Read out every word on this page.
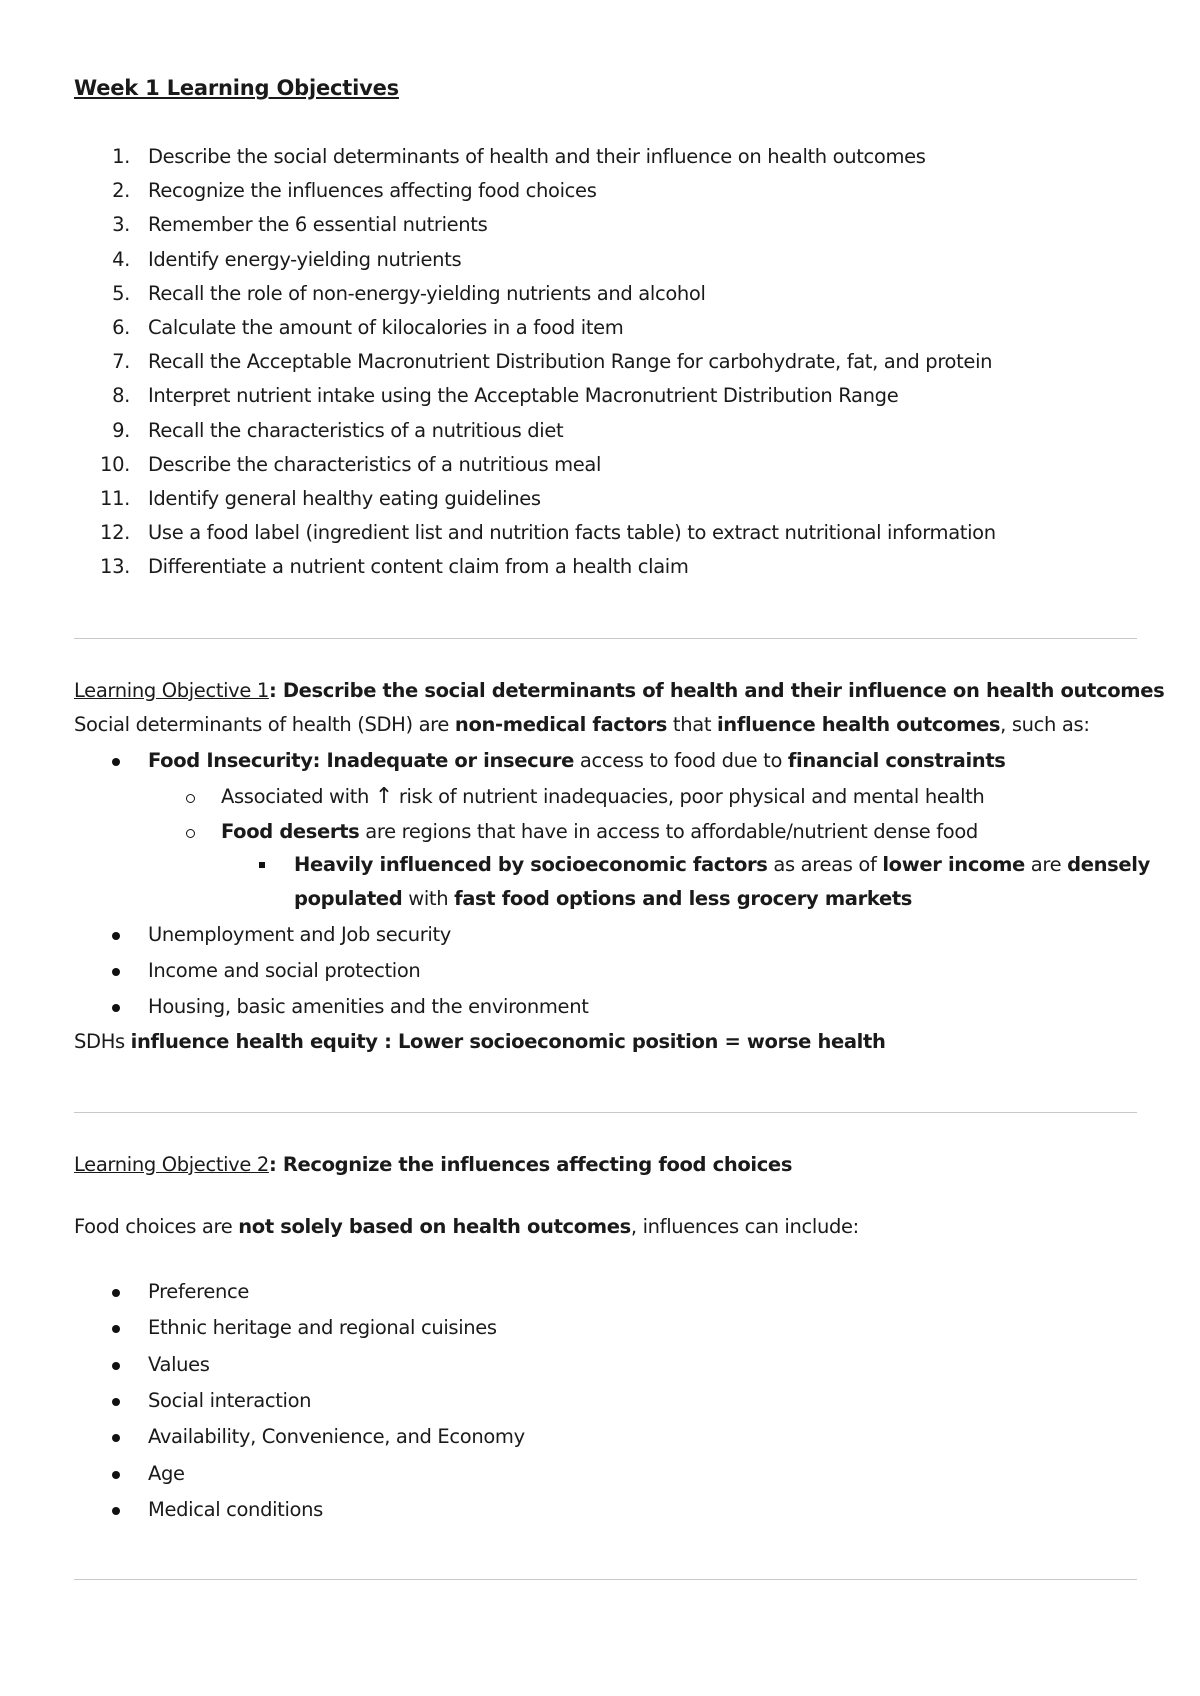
Week 1 Learning Objectives
1. Describe the social determinants of health and their influence on health outcomes
2. Recognize the influences affecting food choices
3. Remember the 6 essential nutrients
4. Identify energy-yielding nutrients
5. Recall the role of non-energy-yielding nutrients and alcohol
6. Calculate the amount of kilocalories in a food item
7. Recall the Acceptable Macronutrient Distribution Range for carbohydrate, fat, and protein
8. Interpret nutrient intake using the Acceptable Macronutrient Distribution Range
9. Recall the characteristics of a nutritious diet
10. Describe the characteristics of a nutritious meal
11. Identify general healthy eating guidelines
12. Use a food label (ingredient list and nutrition facts table) to extract nutritional information
13. Differentiate a nutrient content claim from a health claim
Learning Objective 1: Describe the social determinants of health and their influence on health outcomes
Social determinants of health (SDH) are non-medical factors that influence health outcomes, such as:
Food Insecurity: Inadequate or insecure access to food due to financial constraints
Associated with ↑ risk of nutrient inadequacies, poor physical and mental health
Food deserts are regions that have in access to affordable/nutrient dense food
Heavily influenced by socioeconomic factors as areas of lower income are densely
populated with fast food options and less grocery markets
Unemployment and Job security
Income and social protection
Housing, basic amenities and the environment
SDHs influence health equity : Lower socioeconomic position = worse health
Learning Objective 2: Recognize the influences affecting food choices
Food choices are not solely based on health outcomes, influences can include:
Preference
Ethnic heritage and regional cuisines
Values
Social interaction
Availability, Convenience, and Economy
Age
Medical conditions
